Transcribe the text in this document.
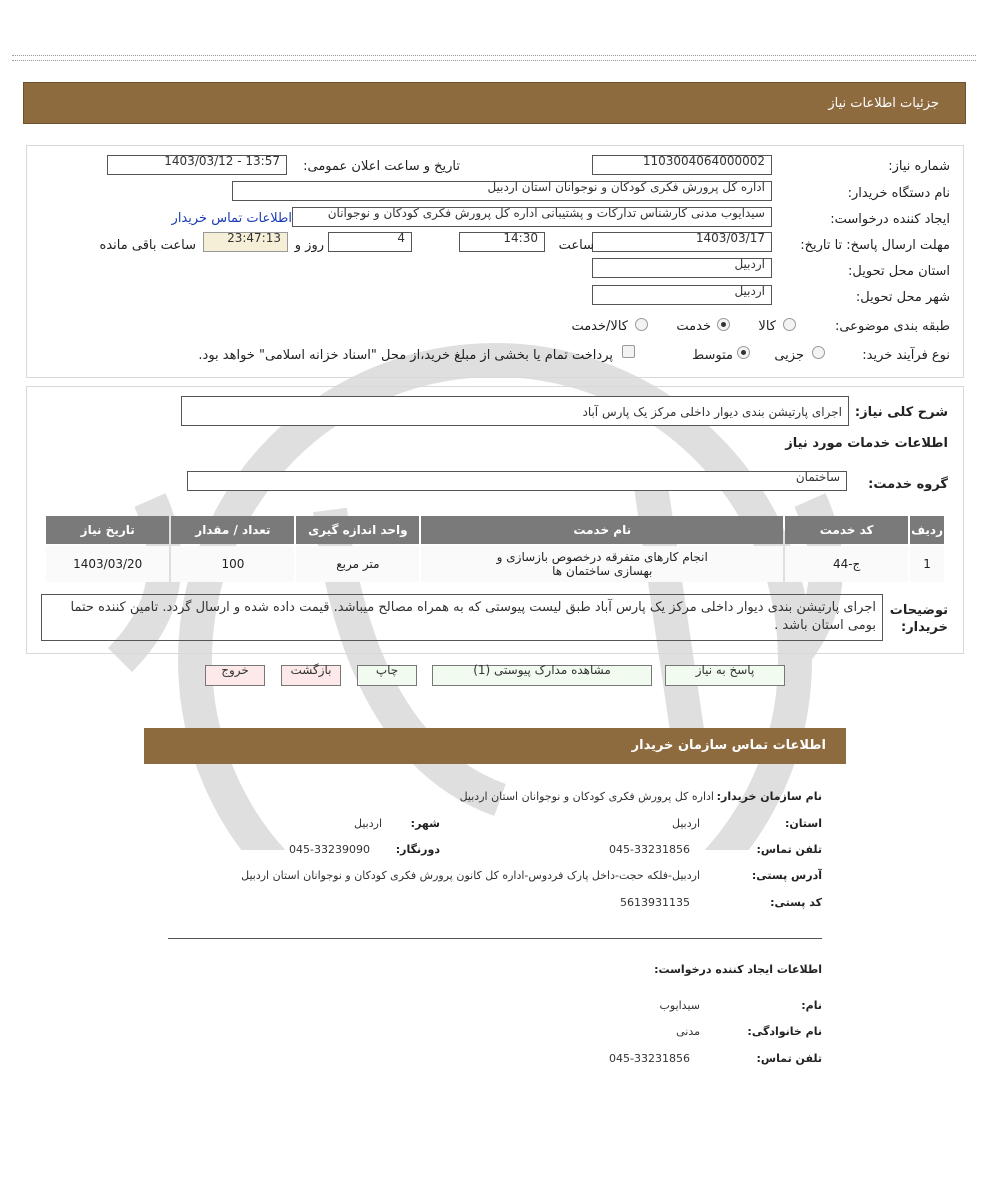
جزئیات اطلاعات نیاز
شماره نیاز:
1103004064000002
تاریخ و ساعت اعلان عمومی:
1403/03/12 - 13:57
نام دستگاه خریدار:
اداره کل پرورش فکری کودکان و نوجوانان استان اردبیل
ایجاد کننده درخواست:
سیدایوب مدنی کارشناس تدارکات و پشتیبانی اداره کل پرورش فکری کودکان و نوجوانان
اطلاعات تماس خریدار
مهلت ارسال پاسخ: تا تاریخ:
1403/03/17
ساعت
14:30
4
روز و
23:47:13
ساعت باقی مانده
استان محل تحویل:
اردبیل
شهر محل تحویل:
اردبیل
طبقه بندی موضوعی:
کالا
خدمت
کالا/خدمت
نوع فرآیند خرید:
جزیی
متوسط
پرداخت تمام یا بخشی از مبلغ خرید،از محل "اسناد خزانه اسلامی" خواهد بود.
شرح کلی نیاز:
اجرای پارتیشن بندی دیوار داخلی مرکز یک پارس آباد
اطلاعات خدمات مورد نیاز
گروه خدمت:
ساختمان
ردیف	کد خدمت	نام خدمت	واحد اندازه گیری	تعداد / مقدار	تاریخ نیاز
1	ج-44	انجام کارهای متفرقه درخصوص بازسازی و بهسازی ساختمان ها	متر مربع	100	1403/03/20
توضیحات خریدار:
اجرای پارتیشن بندی دیوار داخلی مرکز یک پارس آباد طبق لیست پیوستی که به همراه مصالح میباشد. قیمت داده شده و ارسال گردد. تامین کننده حتما بومی استان باشد .
پاسخ به نیاز
مشاهده مدارک پیوستی (1)
چاپ
بازگشت
خروج
اطلاعات تماس سازمان خریدار
نام سازمان خریدار:
اداره کل پرورش فکری کودکان و نوجوانان استان اردبیل
استان:
اردبیل
شهر:
اردبیل
تلفن تماس:
045-33231856
دورنگار:
045-33239090
آدرس پستی:
اردبیل-فلکه حجت-داخل پارک فردوس-اداره کل کانون پرورش فکری کودکان و نوجوانان استان اردبیل
کد پستی:
5613931135
اطلاعات ایجاد کننده درخواست:
نام:
سیدایوب
نام خانوادگی:
مدنی
تلفن تماس:
045-33231856
